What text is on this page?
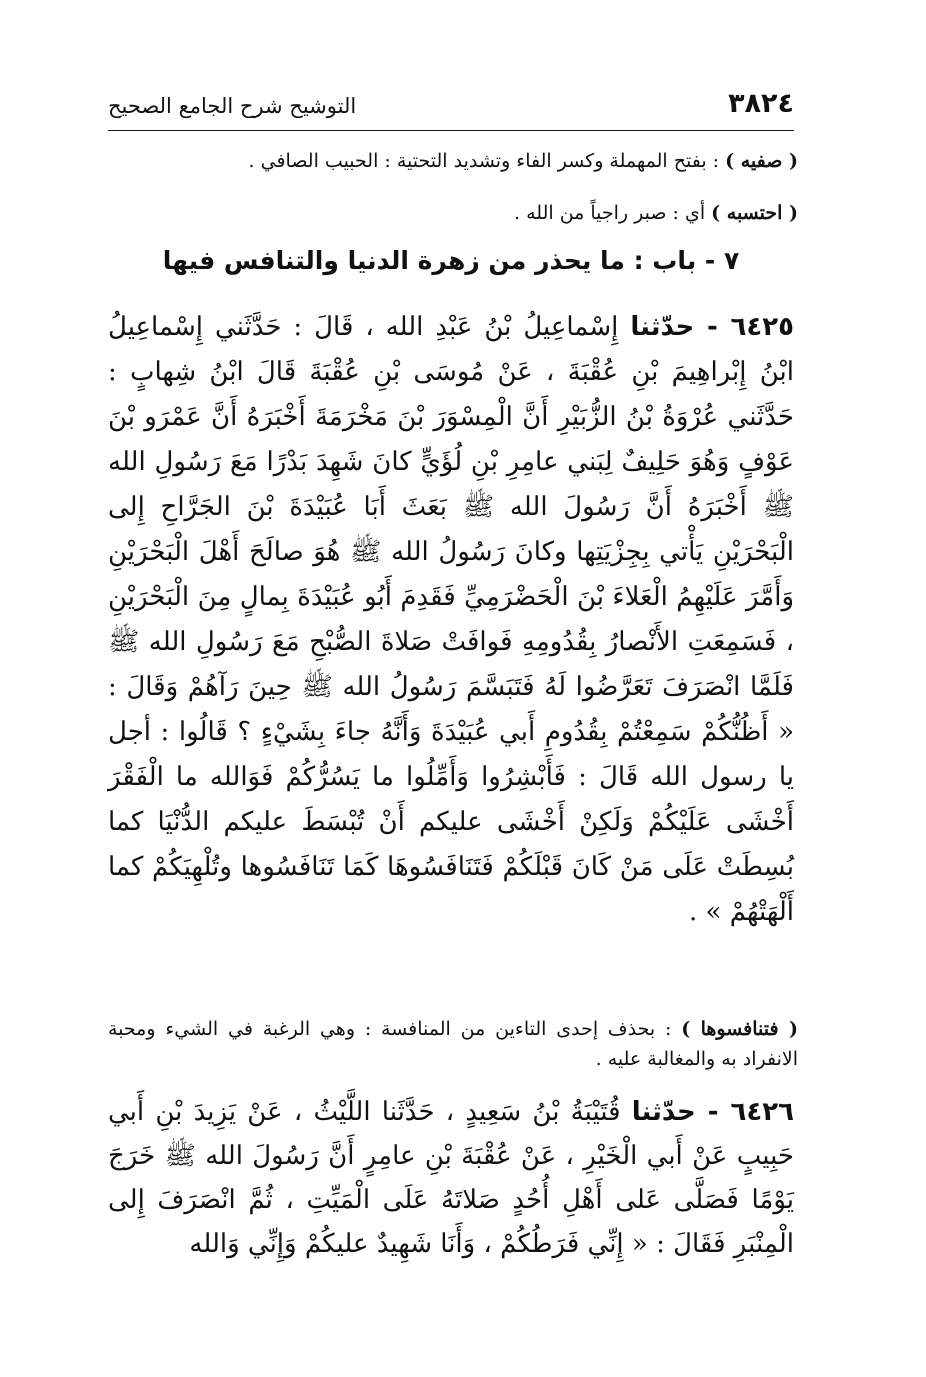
٣٨٢٤
التوشيح شرح الجامع الصحيح

( صفيه ) : بفتح المهملة وكسر الفاء وتشديد التحتية : الحبيب الصافي .

( احتسبه ) أي : صبر راجياً من الله .

٧ - باب : ما يحذر من زهرة الدنيا والتنافس فيها

٦٤٢٥ - حدّثنا إِسْماعِيلُ بْنُ عَبْدِ الله ، قَالَ : حَدَّثَني إِسْماعِيلُ ابْنُ إِبْراهِيمَ بْنِ عُقْبَةَ ، عَنْ مُوسَى بْنِ عُقْبَةَ قَالَ ابْنُ شِهابٍ : حَدَّثَني عُرْوَةُ بْنُ الزُّبَيْرِ أَنَّ الْمِسْوَرَ بْنَ مَخْرَمَةَ أَخْبَرَهُ أَنَّ عَمْرَو بْنَ عَوْفٍ وَهُوَ حَلِيفٌ لِبَني عامِرِ بْنِ لُؤَيٍّ كانَ شَهِدَ بَدْرًا مَعَ رَسُولِ الله ﷺ أَخْبَرَهُ أَنَّ رَسُولَ الله ﷺ بَعَثَ أَبَا عُبَيْدَةَ بْنَ الجَرَّاحِ إِلى الْبَحْرَيْنِ يَأْتي بِجِزْيَتِها وكانَ رَسُولُ الله ﷺ هُوَ صالَحَ أَهْلَ الْبَحْرَيْنِ وَأَمَّرَ عَلَيْهِمُ الْعَلاءَ بْنَ الْحَضْرَمِيِّ فَقَدِمَ أَبُو عُبَيْدَةَ بِمالٍ مِنَ الْبَحْرَيْنِ ، فَسَمِعَتِ الأَنْصارُ بِقُدُومِهِ فَوافَتْ صَلاةَ الصُّبْحِ مَعَ رَسُولِ الله ﷺ فَلَمَّا انْصَرَفَ تَعَرَّضُوا لَهُ فَتَبَسَّمَ رَسُولُ الله ﷺ حِينَ رَآهُمْ وَقَالَ : « أَظُنُّكُمْ سَمِعْتُمْ بِقُدُومِ أَبي عُبَيْدَةَ وَأَنَّهُ جاءَ بِشَيْءٍ ؟ قَالُوا : أجل يا رسول الله قَالَ : فَأَبْشِرُوا وَأَمِّلُوا ما يَسُرُّكُمْ فَوَالله ما الْفَقْرَ أَخْشَى عَلَيْكُمْ وَلَكِنْ أَخْشَى عليكم أَنْ تُبْسَطَ عليكم الدُّنْيَا كما بُسِطَتْ عَلَى مَنْ كَانَ قَبْلَكُمْ فَتَنَافَسُوهَا كَمَا تَنَافَسُوها وتُلْهِيَكُمْ كما أَلْهَتْهُمْ » .

( فتنافسوها ) : بحذف إحدى التاءين من المنافسة : وهي الرغبة في الشيء ومحبة الانفراد به والمغالبة عليه .

٦٤٢٦ - حدّثنا قُتَيْبَةُ بْنُ سَعِيدٍ ، حَدَّثَنا اللَّيْثُ ، عَنْ يَزِيدَ بْنِ أَبي حَبِيبٍ عَنْ أَبي الْخَيْرِ ، عَنْ عُقْبَةَ بْنِ عامِرٍ أَنَّ رَسُولَ الله ﷺ خَرَجَ يَوْمًا فَصَلَّى عَلى أَهْلِ أُحُدٍ صَلاتَهُ عَلَى الْمَيِّتِ ، ثُمَّ انْصَرَفَ إِلى الْمِنْبَرِ فَقَالَ : « إِنِّي فَرَطُكُمْ ، وَأَنَا شَهِيدٌ عليكُمْ وَإِنِّي وَالله
